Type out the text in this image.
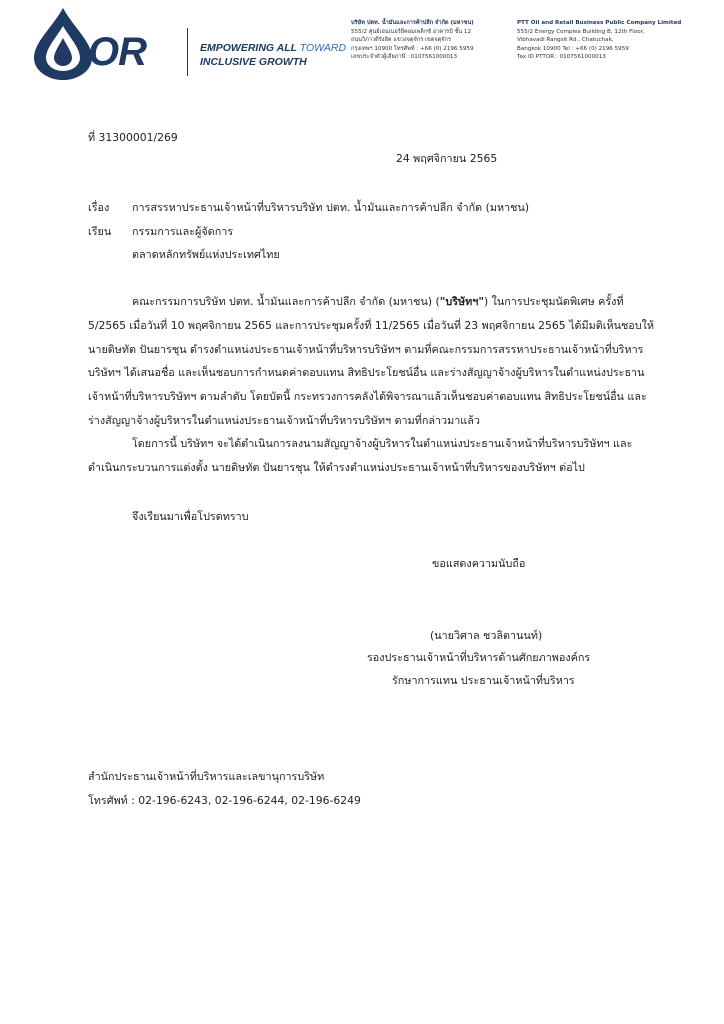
OR	EMPOWERING ALL TOWARD
INCLUSIVE GROWTH
บริษัท ปตท. น้ำมันและการค้าปลีก จำกัด (มหาชน)
555/2 ศูนย์เอนเนอร์ยี่คอมเพล็กซ์ อาคารบี ชั้น 12
ถนนวิภาวดีรังสิต แขวงจตุจักร เขตจตุจักร
กรุงเทพฯ 10900 โทรศัพท์ : +66 (0) 2196 5959
เลขประจำตัวผู้เสียภาษี : 0107561000013
PTT Oil and Retail Business Public Company Limited
555/2 Energy Complex Building B, 12th Floor,
Vibhavadi Rangsit Rd., Chatuchak,
Bangkok 10900 Tel : +66 (0) 2196 5959
Tax ID PTTOR : 0107561000013
ที่ 31300001/269
24 พฤศจิกายน 2565
เรื่อง การสรรหาประธานเจ้าหน้าที่บริหารบริษัท ปตท. น้ำมันและการค้าปลีก จำกัด (มหาชน)
เรียน กรรมการและผู้จัดการ
ตลาดหลักทรัพย์แห่งประเทศไทย
คณะกรรมการบริษัท ปตท. น้ำมันและการค้าปลีก จำกัด (มหาชน) ("บริษัทฯ") ในการประชุมนัดพิเศษ ครั้งที่
5/2565 เมื่อวันที่ 10 พฤศจิกายน 2565 และการประชุมครั้งที่ 11/2565 เมื่อวันที่ 23 พฤศจิกายน 2565 ได้มีมติเห็นชอบให้
นายดิษทัต ปันยารชุน ดำรงตำแหน่งประธานเจ้าหน้าที่บริหารบริษัทฯ ตามที่คณะกรรมการสรรหาประธานเจ้าหน้าที่บริหาร
บริษัทฯ ได้เสนอชื่อ และเห็นชอบการกำหนดค่าตอบแทน สิทธิประโยชน์อื่น และร่างสัญญาจ้างผู้บริหารในตำแหน่งประธาน
เจ้าหน้าที่บริหารบริษัทฯ ตามลำดับ โดยบัดนี้ กระทรวงการคลังได้พิจารณาแล้วเห็นชอบค่าตอบแทน สิทธิประโยชน์อื่น และ
ร่างสัญญาจ้างผู้บริหารในตำแหน่งประธานเจ้าหน้าที่บริหารบริษัทฯ ตามที่กล่าวมาแล้ว
โดยการนี้ บริษัทฯ จะได้ดำเนินการลงนามสัญญาจ้างผู้บริหารในตำแหน่งประธานเจ้าหน้าที่บริหารบริษัทฯ และ
ดำเนินกระบวนการแต่งตั้ง นายดิษทัต ปันยารชุน ให้ดำรงตำแหน่งประธานเจ้าหน้าที่บริหารของบริษัทฯ ต่อไป
จึงเรียนมาเพื่อโปรดทราบ
ขอแสดงความนับถือ
(นายวิศาล ชวลิตานนท์)
รองประธานเจ้าหน้าที่บริหารด้านศักยภาพองค์กร
รักษาการแทน ประธานเจ้าหน้าที่บริหาร
สำนักประธานเจ้าหน้าที่บริหารและเลขานุการบริษัท
โทรศัพท์ : 02-196-6243, 02-196-6244, 02-196-6249
